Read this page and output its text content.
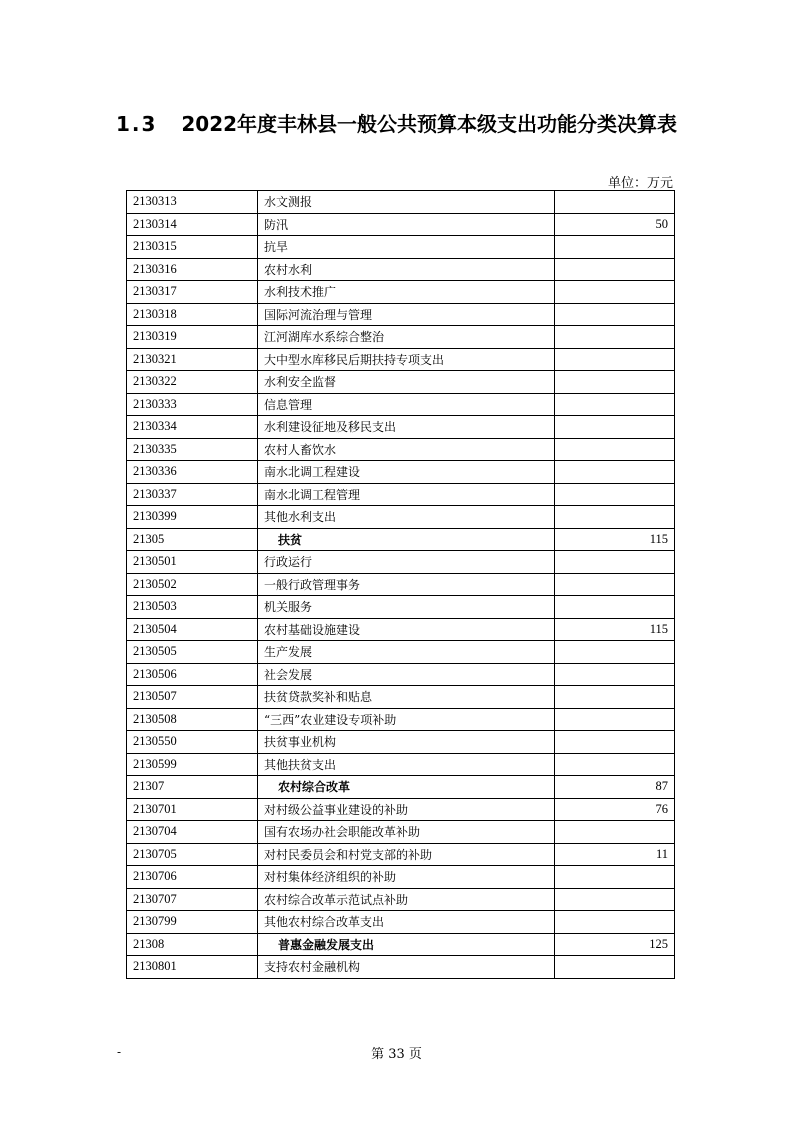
1.3 2022年度丰林县一般公共预算本级支出功能分类决算表
单位：万元
2130313	水文测报	
2130314	防汛	50
2130315	抗旱	
2130316	农村水利	
2130317	水利技术推广	
2130318	国际河流治理与管理	
2130319	江河湖库水系综合整治	
2130321	大中型水库移民后期扶持专项支出	
2130322	水利安全监督	
2130333	信息管理	
2130334	水利建设征地及移民支出	
2130335	农村人畜饮水	
2130336	南水北调工程建设	
2130337	南水北调工程管理	
2130399	其他水利支出	
21305	扶贫	115
2130501	行政运行	
2130502	一般行政管理事务	
2130503	机关服务	
2130504	农村基础设施建设	115
2130505	生产发展	
2130506	社会发展	
2130507	扶贫贷款奖补和贴息	
2130508	“三西”农业建设专项补助	
2130550	扶贫事业机构	
2130599	其他扶贫支出	
21307	农村综合改革	87
2130701	对村级公益事业建设的补助	76
2130704	国有农场办社会职能改革补助	
2130705	对村民委员会和村党支部的补助	11
2130706	对村集体经济组织的补助	
2130707	农村综合改革示范试点补助	
2130799	其他农村综合改革支出	
21308	普惠金融发展支出	125
2130801	支持农村金融机构	
-	第 33 页
